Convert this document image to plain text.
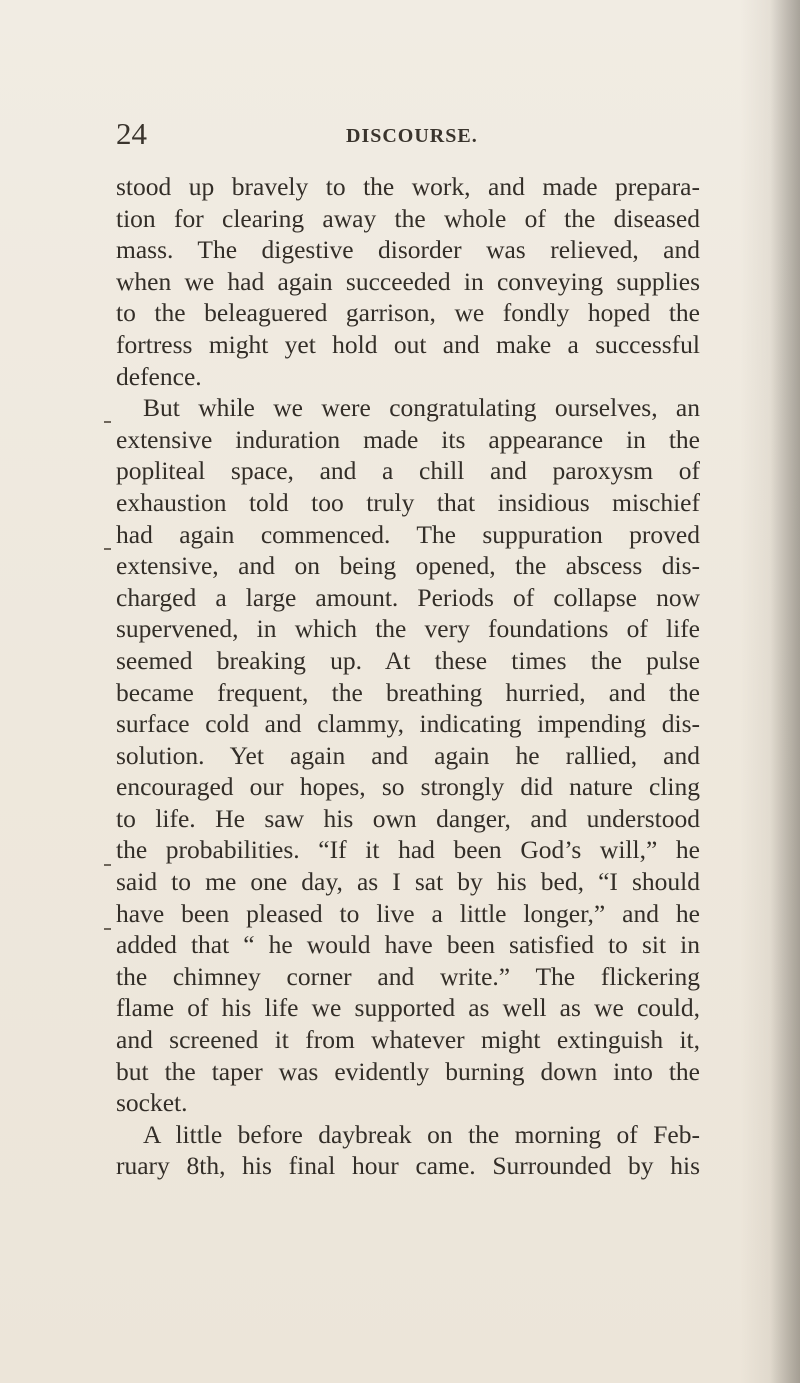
24	DISCOURSE.
stood up bravely to the work, and made prepara-
tion for clearing away the whole of the diseased
mass. The digestive disorder was relieved, and
when we had again succeeded in conveying supplies
to the beleaguered garrison, we fondly hoped the
fortress might yet hold out and make a successful
defence.
But while we were congratulating ourselves, an
extensive induration made its appearance in the
popliteal space, and a chill and paroxysm of
exhaustion told too truly that insidious mischief
had again commenced. The suppuration proved
extensive, and on being opened, the abscess dis-
charged a large amount. Periods of collapse now
supervened, in which the very foundations of life
seemed breaking up. At these times the pulse
became frequent, the breathing hurried, and the
surface cold and clammy, indicating impending dis-
solution. Yet again and again he rallied, and
encouraged our hopes, so strongly did nature cling
to life. He saw his own danger, and understood
the probabilities. “If it had been God’s will,” he
said to me one day, as I sat by his bed, “I should
have been pleased to live a little longer,” and he
added that “ he would have been satisfied to sit in
the chimney corner and write.” The flickering
flame of his life we supported as well as we could,
and screened it from whatever might extinguish it,
but the taper was evidently burning down into the
socket.
A little before daybreak on the morning of Feb-
ruary 8th, his final hour came. Surrounded by his
